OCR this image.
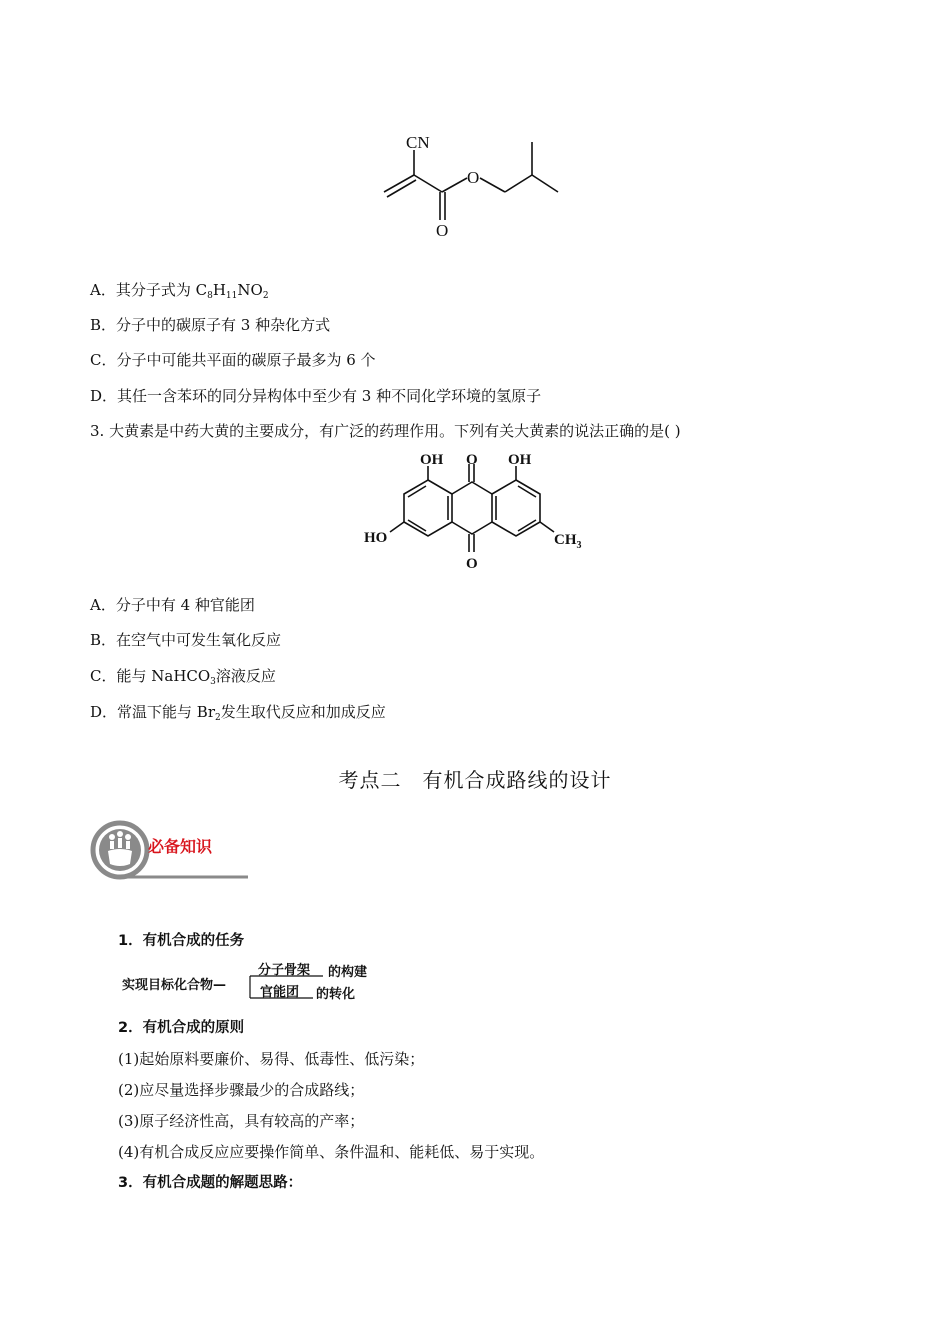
CN
O
O
A．其分子式为 $C_8H_{11}NO_2$
B．分子中的碳原子有 3 种杂化方式
C．分子中可能共平面的碳原子最多为 6 个
D．其任一含苯环的同分异构体中至少有 3 种不同化学环境的氢原子
3. 大黄素是中药大黄的主要成分，有广泛的药理作用。下列有关大黄素的说法正确的是( )
OH O OH
HO	$CH_3$
O
A．分子中有 4 种官能团
B．在空气中可发生氧化反应
C．能与 NaHCO$_3$溶液反应
D．常温下能与 $Br_2$发生取代反应和加成反应
考点二　有机合成路线的设计
必备知识
1．有机合成的任务
实现目标化合物—
分子骨架 的构建
官能团 的转化
2．有机合成的原则
(1)起始原料要廉价、易得、低毒性、低污染；
(2)应尽量选择步骤最少的合成路线；
(3)原子经济性高，具有较高的产率；
(4)有机合成反应应要操作简单、条件温和、能耗低、易于实现。
3．有机合成题的解题思路：
